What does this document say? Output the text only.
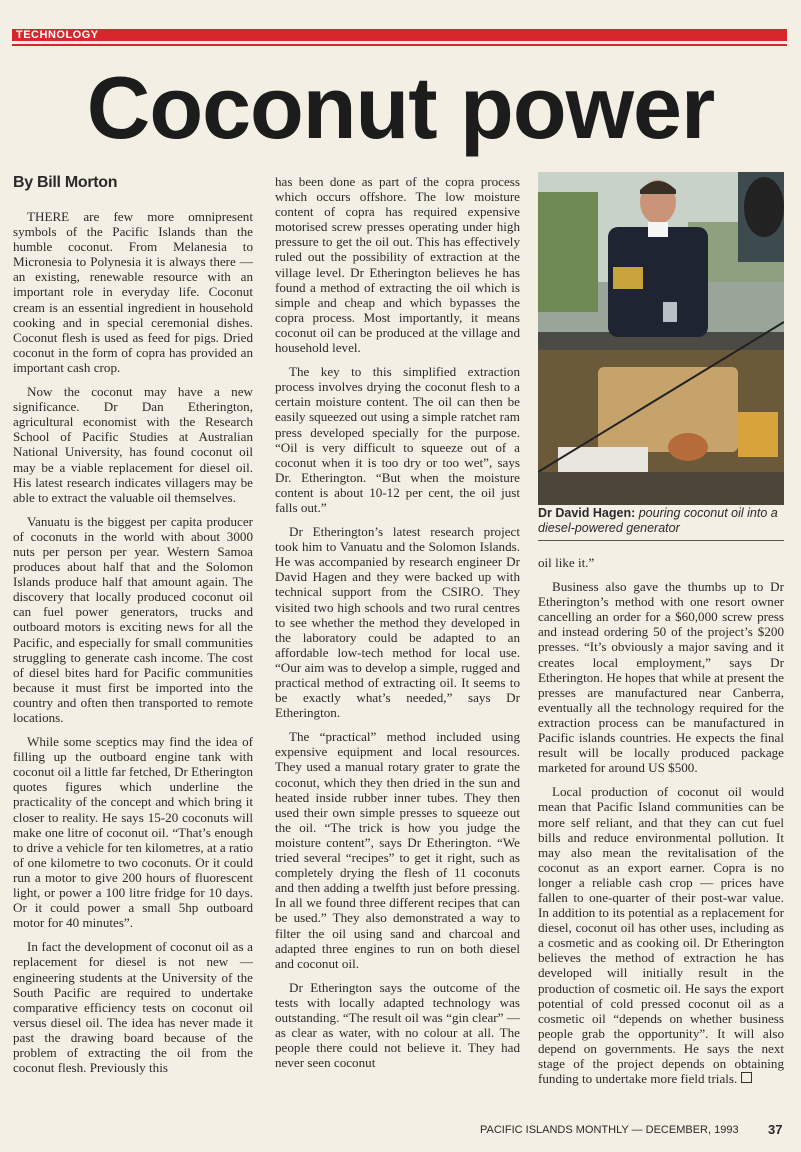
TECHNOLOGY
Coconut power
By Bill Morton

THERE are few more omnipresent symbols of the Pacific Islands than the humble coconut. From Melanesia to Micronesia to Polynesia it is always there — an existing, renewable resource with an important role in everyday life. Coconut cream is an essential ingredient in household cooking and in special ceremonial dishes. Coconut flesh is used as feed for pigs. Dried coconut in the form of copra has provided an important cash crop.

Now the coconut may have a new significance. Dr Dan Etherington, agricultural economist with the Research School of Pacific Studies at Australian National University, has found coconut oil may be a viable replacement for diesel oil. His latest research indicates villagers may be able to extract the valuable oil themselves.

Vanuatu is the biggest per capita producer of coconuts in the world with about 3000 nuts per person per year. Western Samoa produces about half that and the Solomon Islands produce half that amount again. The discovery that locally produced coconut oil can fuel power generators, trucks and outboard motors is exciting news for all the Pacific, and especially for small communities struggling to generate cash income. The cost of diesel bites hard for Pacific communities because it must first be imported into the country and often then transported to remote locations.

While some sceptics may find the idea of filling up the outboard engine tank with coconut oil a little far fetched, Dr Etherington quotes figures which underline the practicality of the concept and which bring it closer to reality. He says 15-20 coconuts will make one litre of coconut oil. “That’s enough to drive a vehicle for ten kilometres, at a ratio of one kilometre to two coconuts. Or it could run a motor to give 200 hours of fluorescent light, or power a 100 litre fridge for 10 days. Or it could power a small 5hp outboard motor for 40 minutes”.

In fact the development of coconut oil as a replacement for diesel is not new — engineering students at the University of the South Pacific are required to undertake comparative efficiency tests on coconut oil versus diesel oil. The idea has never made it past the drawing board because of the problem of extracting the oil from the coconut flesh. Previously this

has been done as part of the copra process which occurs offshore. The low moisture content of copra has required expensive motorised screw presses operating under high pressure to get the oil out. This has effectively ruled out the possibility of extraction at the village level. Dr Etherington believes he has found a method of extracting the oil which is simple and cheap and which bypasses the copra process. Most importantly, it means coconut oil can be produced at the village and household level.

The key to this simplified extraction process involves drying the coconut flesh to a certain moisture content. The oil can then be easily squeezed out using a simple ratchet ram press developed specially for the purpose. “Oil is very difficult to squeeze out of a coconut when it is too dry or too wet”, says Dr. Etherington. “But when the moisture content is about 10-12 per cent, the oil just falls out.”

Dr Etherington’s latest research project took him to Vanuatu and the Solomon Islands. He was accompanied by research engineer Dr David Hagen and they were backed up with technical support from the CSIRO. They visited two high schools and two rural centres to see whether the method they developed in the laboratory could be adapted to an affordable low-tech method for local use. “Our aim was to develop a simple, rugged and practical method of extracting oil. It seems to be exactly what’s needed,” says Dr Etherington.

The “practical” method included using expensive equipment and local resources. They used a manual rotary grater to grate the coconut, which they then dried in the sun and heated inside rubber inner tubes. They then used their own simple presses to squeeze out the oil. “The trick is how you judge the moisture content”, says Dr Etherington. “We tried several “recipes” to get it right, such as completely drying the flesh of 11 coconuts and then adding a twelfth just before pressing. In all we found three different recipes that can be used.” They also demonstrated a way to filter the oil using sand and charcoal and adapted three engines to run on both diesel and coconut oil.

Dr Etherington says the outcome of the tests with locally adapted technology was outstanding. “The result oil was “gin clear” — as clear as water, with no colour at all. The people there could not believe it. They had never seen coconut

Dr David Hagen: pouring coconut oil into a diesel-powered generator

oil like it.”

Business also gave the thumbs up to Dr Etherington’s method with one resort owner cancelling an order for a $60,000 screw press and instead ordering 50 of the project’s $200 presses. “It’s obviously a major saving and it creates local employment,” says Dr Etherington. He hopes that while at present the presses are manufactured near Canberra, eventually all the technology required for the extraction process can be manufactured in Pacific islands countries. He expects the final result will be locally produced package marketed for around US $500.

Local production of coconut oil would mean that Pacific Island communities can be more self reliant, and that they can cut fuel bills and reduce environmental pollution. It may also mean the revitalisation of the coconut as an export earner. Copra is no longer a reliable cash crop — prices have fallen to one-quarter of their post-war value. In addition to its potential as a replacement for diesel, coconut oil has other uses, including as a cosmetic and as cooking oil. Dr Etherington believes the method of extraction he has developed will initially result in the production of cosmetic oil. He says the export potential of cold pressed coconut oil as a cosmetic oil “depends on whether business people grab the opportunity”. It will also depend on governments. He says the next stage of the project depends on obtaining funding to undertake more field trials.

PACIFIC ISLANDS MONTHLY — DECEMBER, 1993 37
